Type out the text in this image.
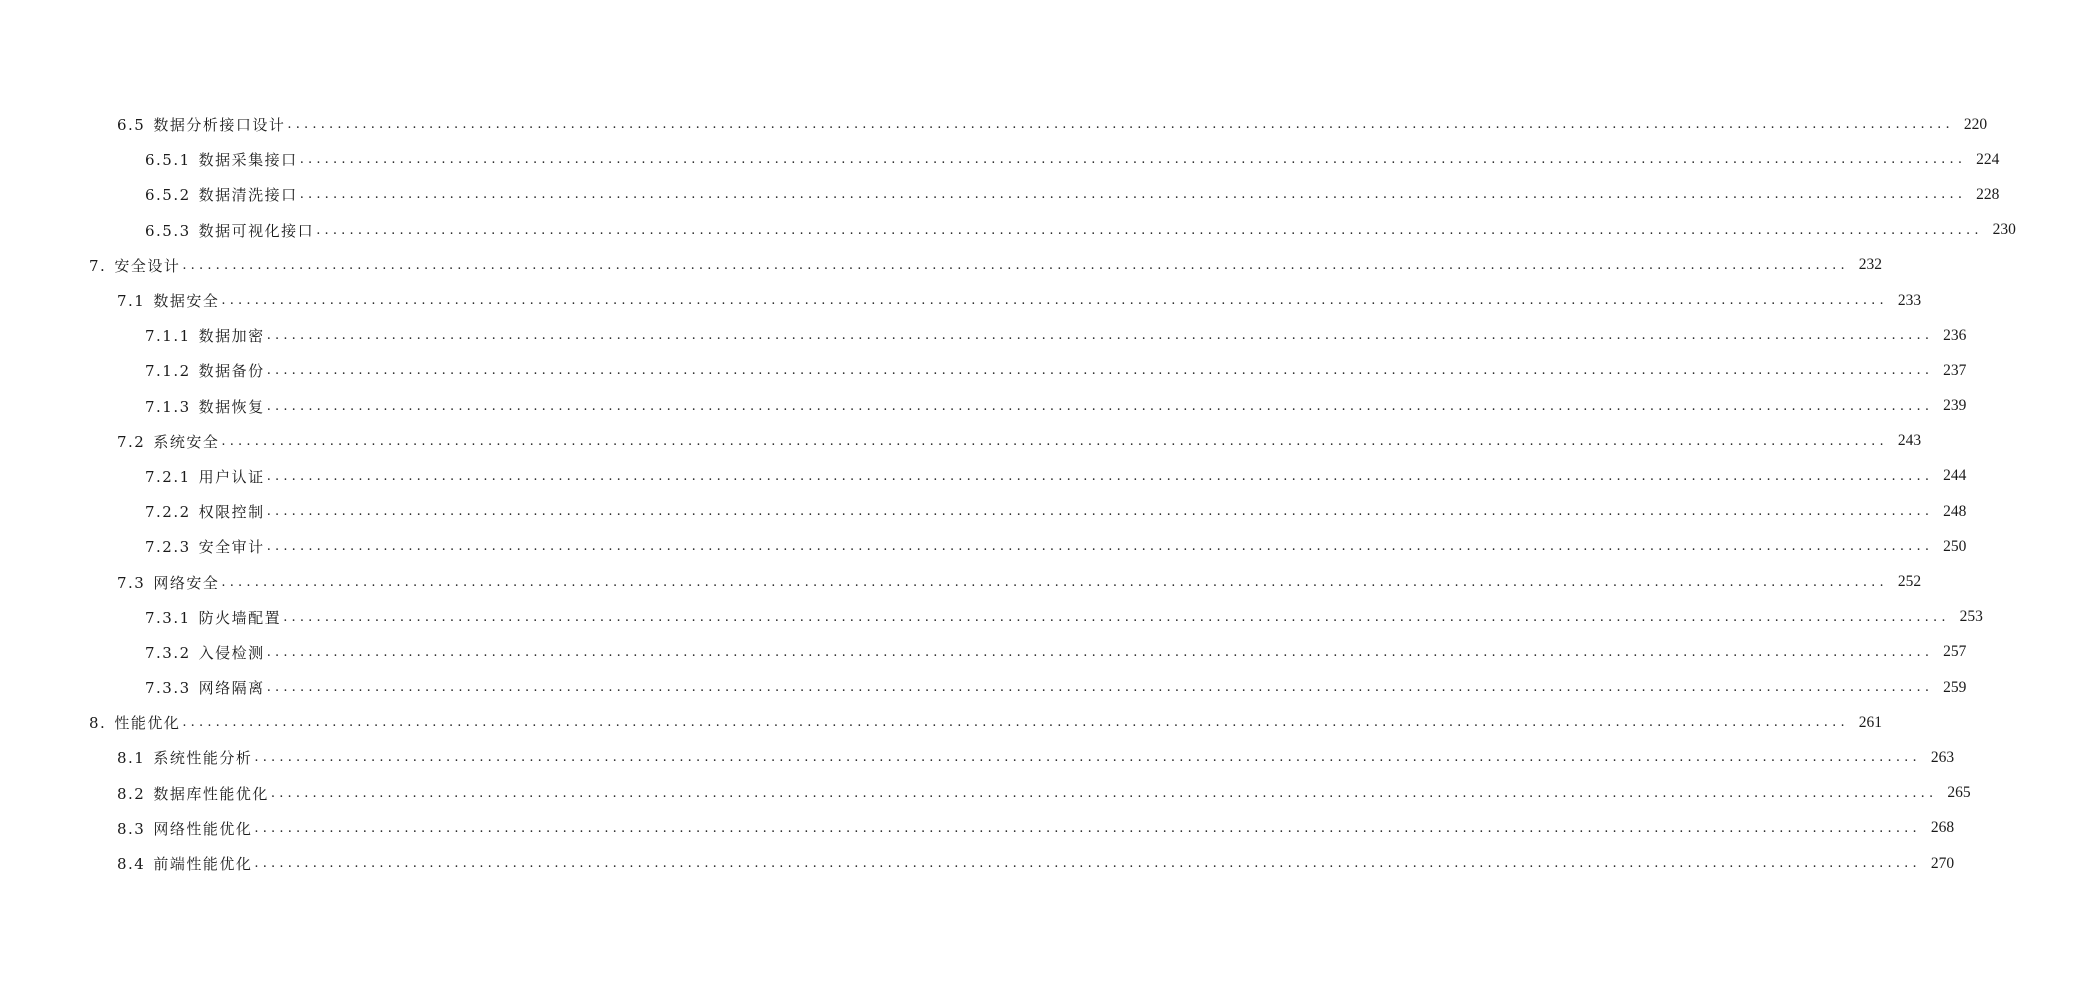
6.5 数据分析接口设计 ........................................................................................................................................................................................................ 220
6.5.1 数据采集接口 ........................................................................................................................................................................................................ 224
6.5.2 数据清洗接口 ........................................................................................................................................................................................................ 228
6.5.3 数据可视化接口 ........................................................................................................................................................................................................ 230
7. 安全设计 ........................................................................................................................................................................................................ 232
7.1 数据安全 ........................................................................................................................................................................................................ 233
7.1.1 数据加密 ........................................................................................................................................................................................................ 236
7.1.2 数据备份 ........................................................................................................................................................................................................ 237
7.1.3 数据恢复 ........................................................................................................................................................................................................ 239
7.2 系统安全 ........................................................................................................................................................................................................ 243
7.2.1 用户认证 ........................................................................................................................................................................................................ 244
7.2.2 权限控制 ........................................................................................................................................................................................................ 248
7.2.3 安全审计 ........................................................................................................................................................................................................ 250
7.3 网络安全 ........................................................................................................................................................................................................ 252
7.3.1 防火墙配置 ........................................................................................................................................................................................................ 253
7.3.2 入侵检测 ........................................................................................................................................................................................................ 257
7.3.3 网络隔离 ........................................................................................................................................................................................................ 259
8. 性能优化 ........................................................................................................................................................................................................ 261
8.1 系统性能分析 ........................................................................................................................................................................................................ 263
8.2 数据库性能优化 ........................................................................................................................................................................................................ 265
8.3 网络性能优化 ........................................................................................................................................................................................................ 268
8.4 前端性能优化 ........................................................................................................................................................................................................ 270
